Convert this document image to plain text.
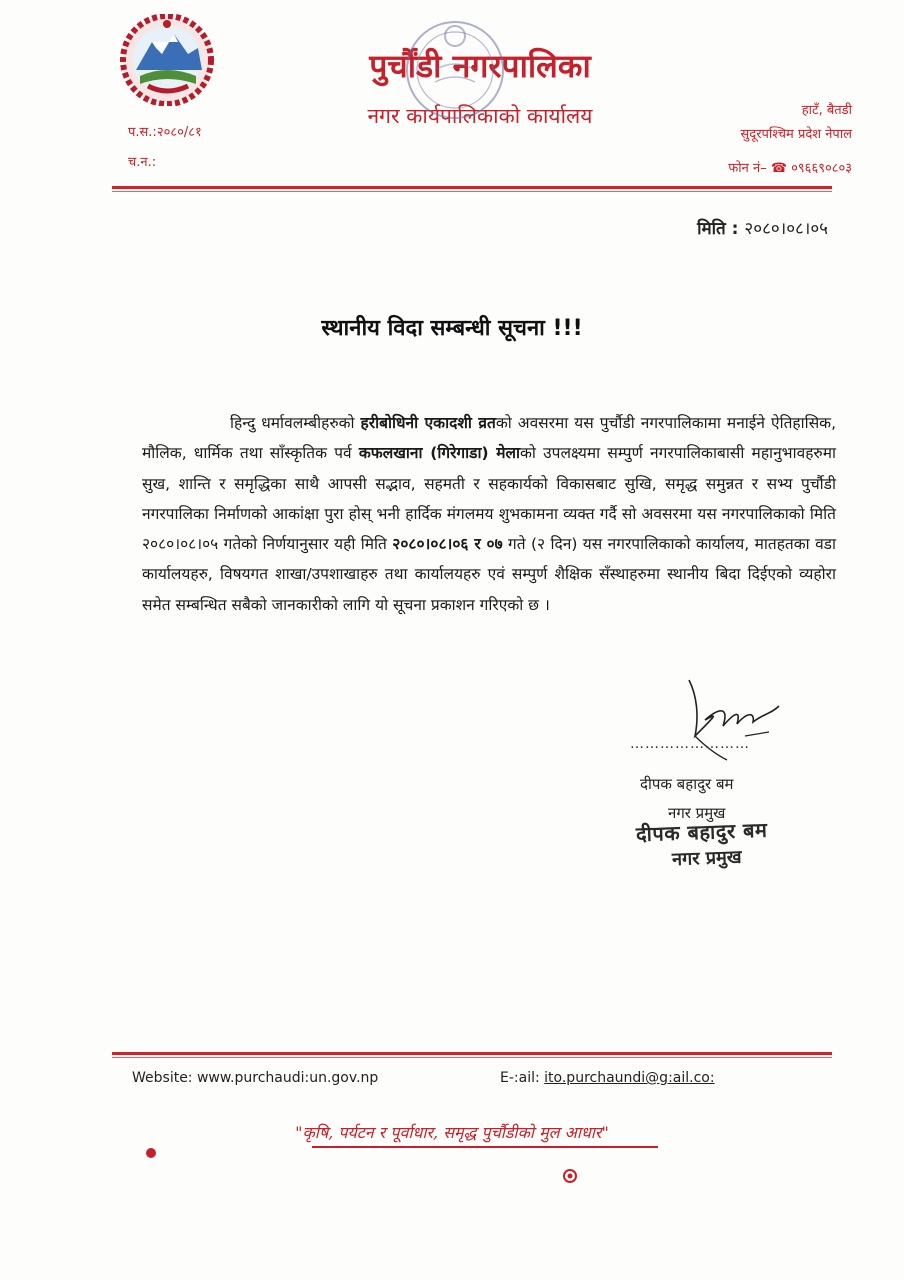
पुर्चौंडी नगरपालिका
नगर कार्यपालिकाको कार्यालय
प.स.:२०८०/८१
च.न.:
हाटँ, बैतडी
सुदूरपश्चिम प्रदेश नेपाल
फोन नं– ☎ ०९६६९०८०३
मिति : २०८०।०८।०५
स्थानीय विदा सम्बन्धी सूचना !!!
हिन्दु धर्मावलम्बीहरुको हरीबोधिनी एकादशी व्रतको अवसरमा यस पुर्चौडी नगरपालिकामा मनाईने ऐतिहासिक, मौलिक, धार्मिक तथा साँस्कृतिक पर्व कफलखाना (गिरेगाडा) मेलाको उपलक्ष्यमा सम्पुर्ण नगरपालिकाबासी महानुभावहरुमा सुख, शान्ति र समृद्धिका साथै आपसी सद्भाव, सहमती र सहकार्यको विकासबाट सुखि, समृद्ध समुन्नत र सभ्य पुर्चौडी नगरपालिका निर्माणको आकांक्षा पुरा होस् भनी हार्दिक मंगलमय शुभकामना व्यक्त गर्दै सो अवसरमा यस नगरपालिकाको मिति २०८०।०८।०५ गतेको निर्णयानुसार यही मिति २०८०।०८।०६ र ०७ गते (२ दिन) यस नगरपालिकाको कार्यालय, मातहतका वडा कार्यालयहरु, विषयगत शाखा/उपशाखाहरु तथा कार्यालयहरु एवं सम्पुर्ण शैक्षिक सँस्थाहरुमा स्थानीय बिदा दिईएको व्यहोरा समेत सम्बन्धित सबैको जानकारीको लागि यो सूचना प्रकाशन गरिएको छ ।
……………………
दीपक बहादुर बम
नगर प्रमुख
दीपक बहादुर बम
नगर प्रमुख
Website: www.purchaudi:un.gov.np	E-:ail: ito.purchaundi@g:ail.co:
"कृषि, पर्यटन र पूर्वाधार, समृद्ध पुर्चौडीको मुल आधार"
